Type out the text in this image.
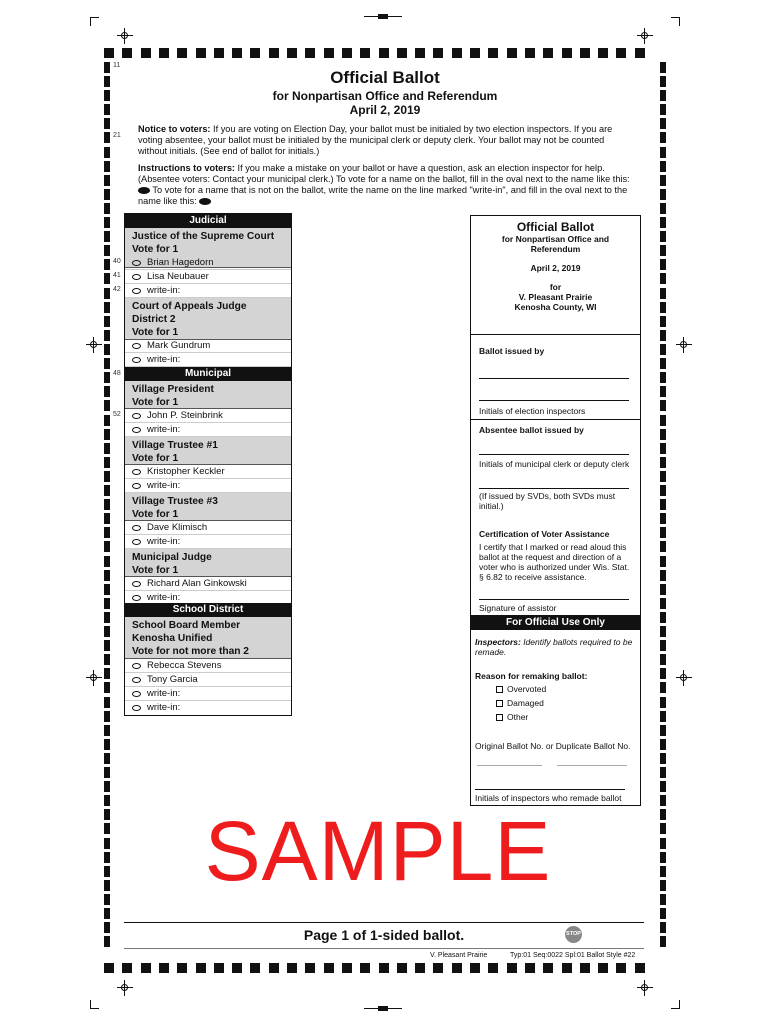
11
21
40
41
42
48
52
Official Ballot
for Nonpartisan Office and Referendum
April 2, 2019
Notice to voters: If you are voting on Election Day, your ballot must be initialed by two election inspectors. If you are voting absentee, your ballot must be initialed by the municipal clerk or deputy clerk. Your ballot may not be counted without initials. (See end of ballot for initials.)
Instructions to voters: If you make a mistake on your ballot or have a question, ask an election inspector for help. (Absentee voters: Contact your municipal clerk.) To vote for a name on the ballot, fill in the oval next to the name like this:  To vote for a name that is not on the ballot, write the name on the line marked "write-in", and fill in the oval next to the name like this:
Judicial
Justice of the Supreme Court
Vote for 1
Brian Hagedorn
Lisa Neubauer
write-in:
Court of Appeals Judge
District 2
Vote for 1
Mark Gundrum
write-in:
Municipal
Village President
Vote for 1
John P. Steinbrink
write-in:
Village Trustee #1
Vote for 1
Kristopher Keckler
write-in:
Village Trustee #3
Vote for 1
Dave Klimisch
write-in:
Municipal Judge
Vote for 1
Richard Alan Ginkowski
write-in:
School District
School Board Member
Kenosha Unified
Vote for not more than 2
Rebecca Stevens
Tony Garcia
write-in:
write-in:
Official Ballot
for Nonpartisan Office and
Referendum
April 2, 2019
for
V. Pleasant Prairie
Kenosha County, WI
Ballot issued by
Initials of election inspectors
Absentee ballot issued by
Initials of municipal clerk or deputy clerk
(If issued by SVDs, both SVDs must initial.)
Certification of Voter Assistance
I certify that I marked or read aloud this ballot at the request and direction of a voter who is authorized under Wis. Stat. § 6.82 to receive assistance.
Signature of assistor
For Official Use Only
Inspectors: Identify ballots required to be remade.
Reason for remaking ballot:
Overvoted
Damaged
Other
Original Ballot No. or Duplicate Ballot No.
Initials of inspectors who remade ballot
SAMPLE
Page 1 of 1-sided ballot.	STOP
V. Pleasant Prairie	Typ:01 Seq:0022 Spl:01 Ballot Style #22
